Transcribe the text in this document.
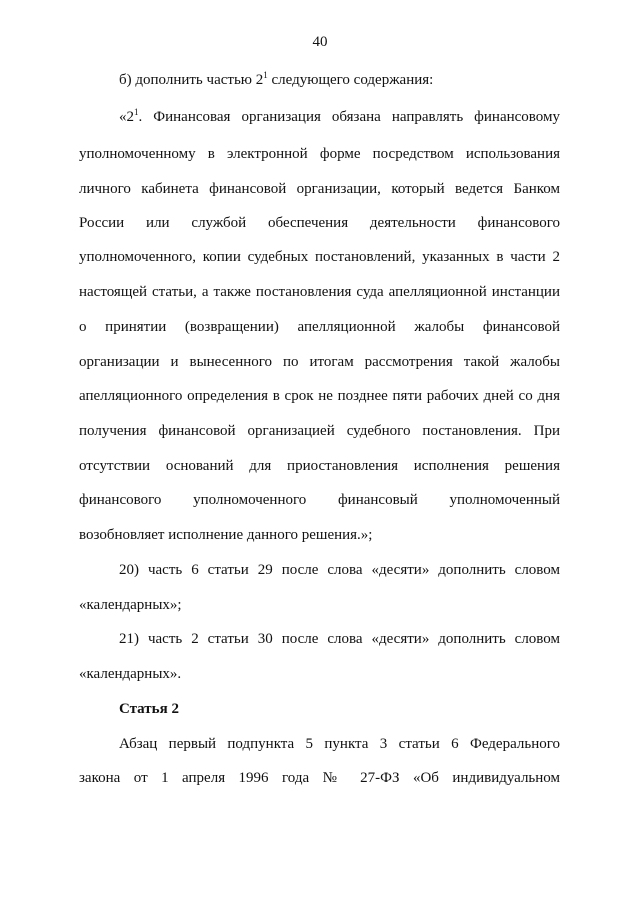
40
б) дополнить частью $2^1$ следующего содержания:
«$2^1$. Финансовая организация обязана направлять финансовому
уполномоченному в электронной форме посредством использования
личного кабинета финансовой организации, который ведется Банком
России или службой обеспечения деятельности финансового
уполномоченного, копии судебных постановлений, указанных в части 2
настоящей статьи, а также постановления суда апелляционной инстанции
о принятии (возвращении) апелляционной жалобы финансовой
организации и вынесенного по итогам рассмотрения такой жалобы
апелляционного определения в срок не позднее пяти рабочих дней со дня
получения финансовой организацией судебного постановления. При
отсутствии оснований для приостановления исполнения решения
финансового уполномоченного финансовый уполномоченный
возобновляет исполнение данного решения.»;
20) часть 6 статьи 29 после слова «десяти» дополнить словом
«календарных»;
21) часть 2 статьи 30 после слова «десяти» дополнить словом
«календарных».
Статья 2
Абзац первый подпункта 5 пункта 3 статьи 6 Федерального
закона от 1 апреля 1996 года № 27-ФЗ «Об индивидуальном
